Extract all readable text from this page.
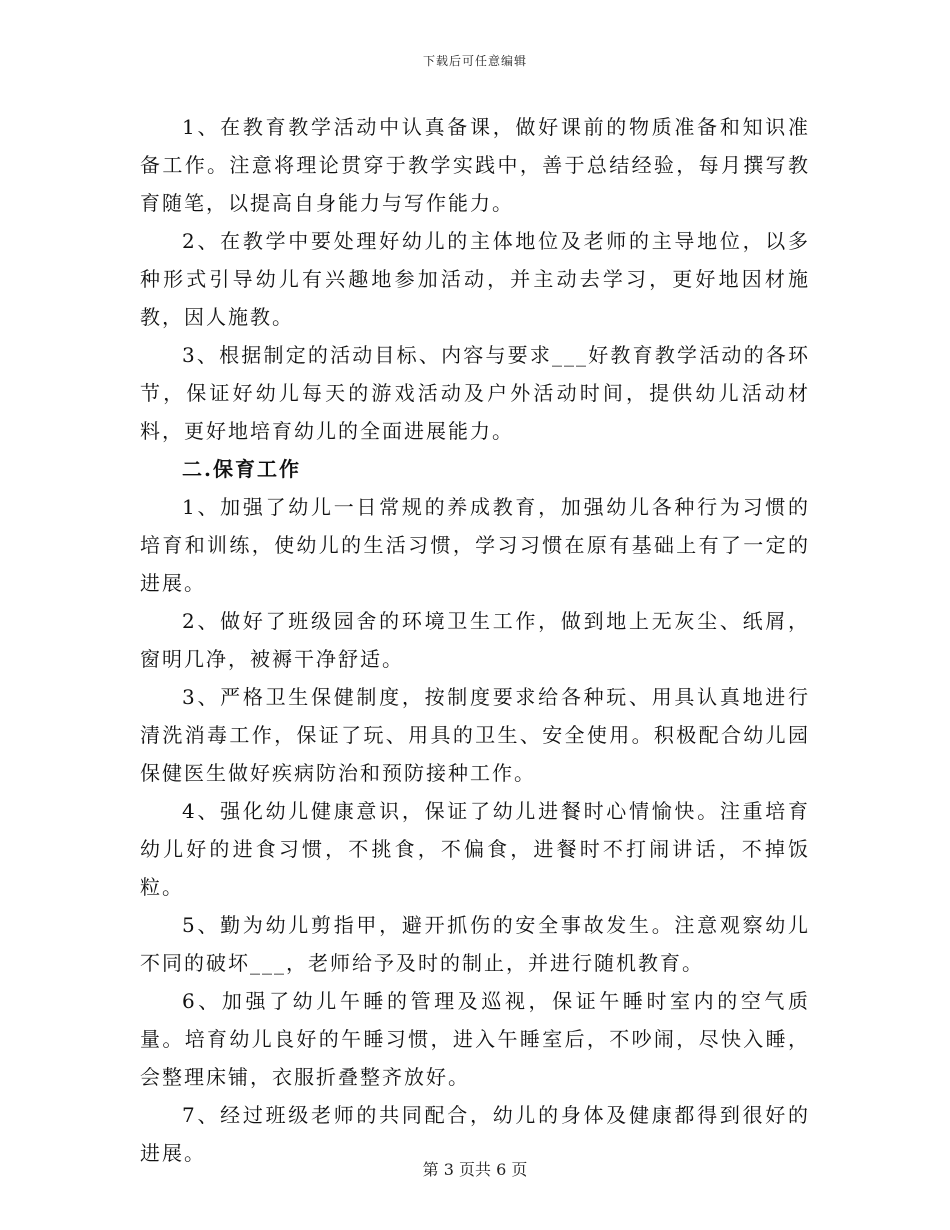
下载后可任意编辑

1、在教育教学活动中认真备课，做好课前的物质准备和知识准备工作。注意将理论贯穿于教学实践中，善于总结经验，每月撰写教育随笔，以提高自身能力与写作能力。

2、在教学中要处理好幼儿的主体地位及老师的主导地位，以多种形式引导幼儿有兴趣地参加活动，并主动去学习，更好地因材施教，因人施教。

3、根据制定的活动目标、内容与要求___好教育教学活动的各环节，保证好幼儿每天的游戏活动及户外活动时间，提供幼儿活动材料，更好地培育幼儿的全面进展能力。

二.保育工作

1、加强了幼儿一日常规的养成教育，加强幼儿各种行为习惯的培育和训练，使幼儿的生活习惯，学习习惯在原有基础上有了一定的进展。

2、做好了班级园舍的环境卫生工作，做到地上无灰尘、纸屑，窗明几净，被褥干净舒适。

3、严格卫生保健制度，按制度要求给各种玩、用具认真地进行清洗消毒工作，保证了玩、用具的卫生、安全使用。积极配合幼儿园保健医生做好疾病防治和预防接种工作。

4、强化幼儿健康意识，保证了幼儿进餐时心情愉快。注重培育幼儿好的进食习惯，不挑食，不偏食，进餐时不打闹讲话，不掉饭粒。

5、勤为幼儿剪指甲，避开抓伤的安全事故发生。注意观察幼儿不同的破坏___，老师给予及时的制止，并进行随机教育。

6、加强了幼儿午睡的管理及巡视，保证午睡时室内的空气质量。培育幼儿良好的午睡习惯，进入午睡室后，不吵闹，尽快入睡，会整理床铺，衣服折叠整齐放好。

7、经过班级老师的共同配合，幼儿的身体及健康都得到很好的进展。

第 3 页共 6 页
